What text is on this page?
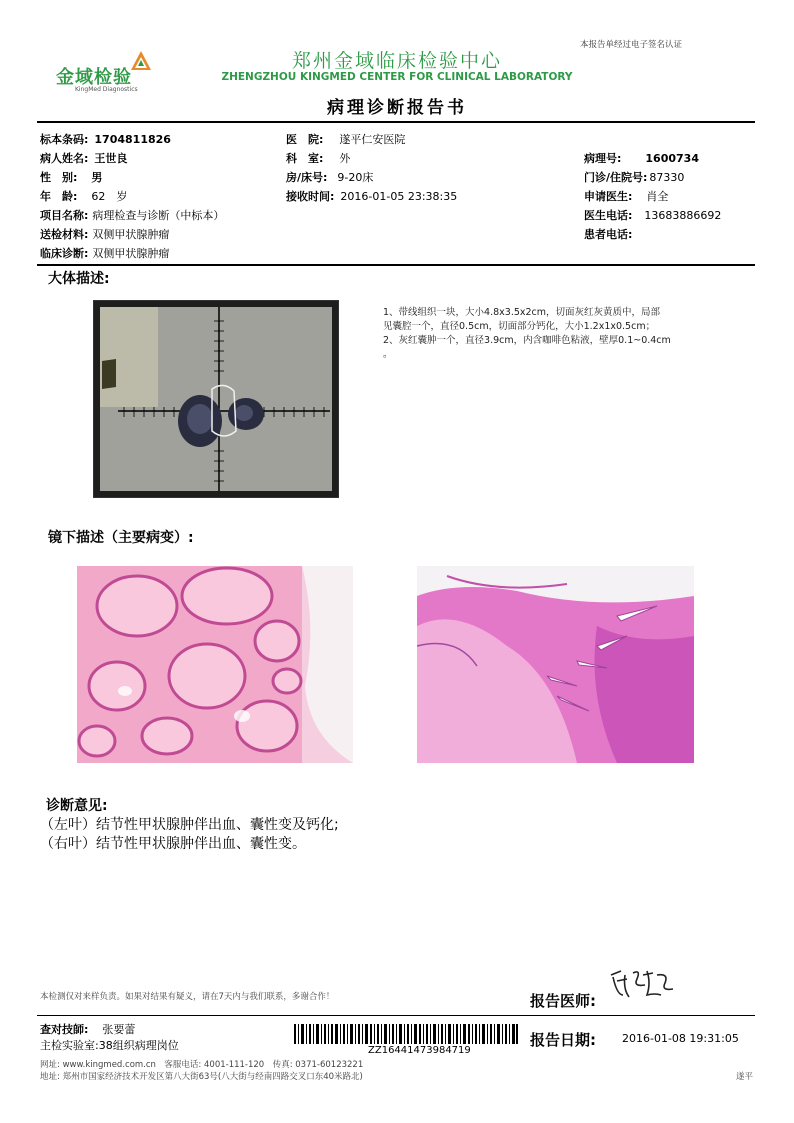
金域检验
KingMed Diagnostics
郑州金域临床检验中心
ZHENGZHOU KINGMED CENTER FOR CLINICAL LABORATORY
本报告单经过电子签名认证
病理诊断报告书
标本条码: 1704811826
病人姓名: 王世良
性　别: 男
年　龄: 62　岁
项目名称: 病理检查与诊断（中标本）
送检材料: 双侧甲状腺肿瘤
临床诊断: 双侧甲状腺肿瘤
医　院: 遂平仁安医院
科　室: 外
房/床号: 9-20床
接收时间: 2016-01-05 23:38:35
病理号: 1600734
门诊/住院号: 87330
申请医生: 肖全
医生电话: 13683886692
患者电话:
大体描述:
1、带线组织一块，大小4.8x3.5x2cm，切面灰红灰黄质中，局部
见囊腔一个，直径0.5cm，切面部分钙化，大小1.2x1x0.5cm；
2、灰红囊肿一个，直径3.9cm，内含咖啡色粘液，壁厚0.1~0.4cm
。
镜下描述（主要病变）:
诊断意见:
（左叶）结节性甲状腺肿伴出血、囊性变及钙化;
（右叶）结节性甲状腺肿伴出血、囊性变。
本检测仅对来样负责。如果对结果有疑义，请在7天内与我们联系，多谢合作！	报告医师:
查对技師: 张要蕾
主检实验室:38组织病理岗位	ZZ16441473984719
报告日期: 2016-01-08 19:31:05
网址: www.kingmed.com.cn　客服电话: 4001-111-120　传真: 0371-60123221
地址: 郑州市国家经济技术开发区第八大街63号(八大街与经南四路交叉口东40米路北)	遂平
